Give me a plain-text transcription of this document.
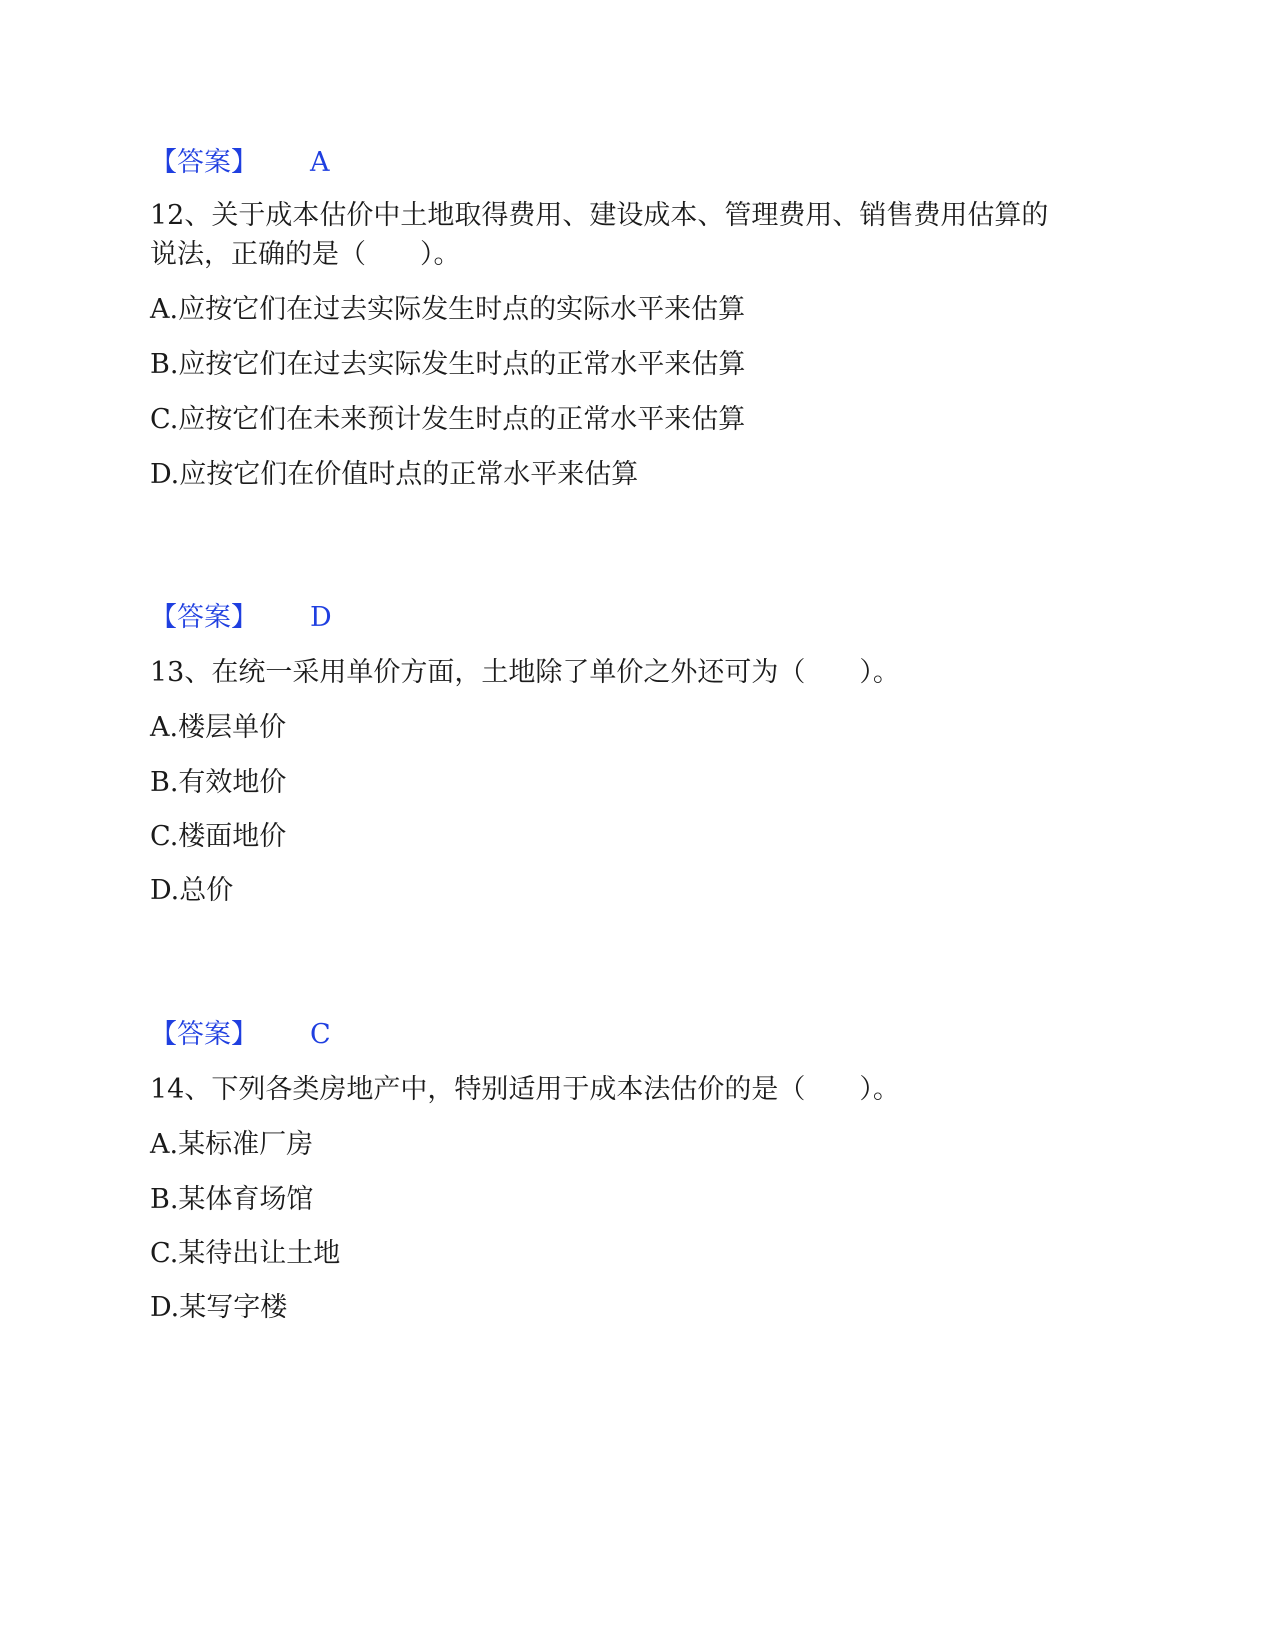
【答案】 A
12、关于成本估价中土地取得费用、建设成本、管理费用、销售费用估算的
说法，正确的是（　　）。
A.应按它们在过去实际发生时点的实际水平来估算
B.应按它们在过去实际发生时点的正常水平来估算
C.应按它们在未来预计发生时点的正常水平来估算
D.应按它们在价值时点的正常水平来估算
【答案】 D
13、在统一采用单价方面，土地除了单价之外还可为（　　）。
A.楼层单价
B.有效地价
C.楼面地价
D.总价
【答案】 C
14、下列各类房地产中，特别适用于成本法估价的是（　　）。
A.某标准厂房
B.某体育场馆
C.某待出让土地
D.某写字楼
